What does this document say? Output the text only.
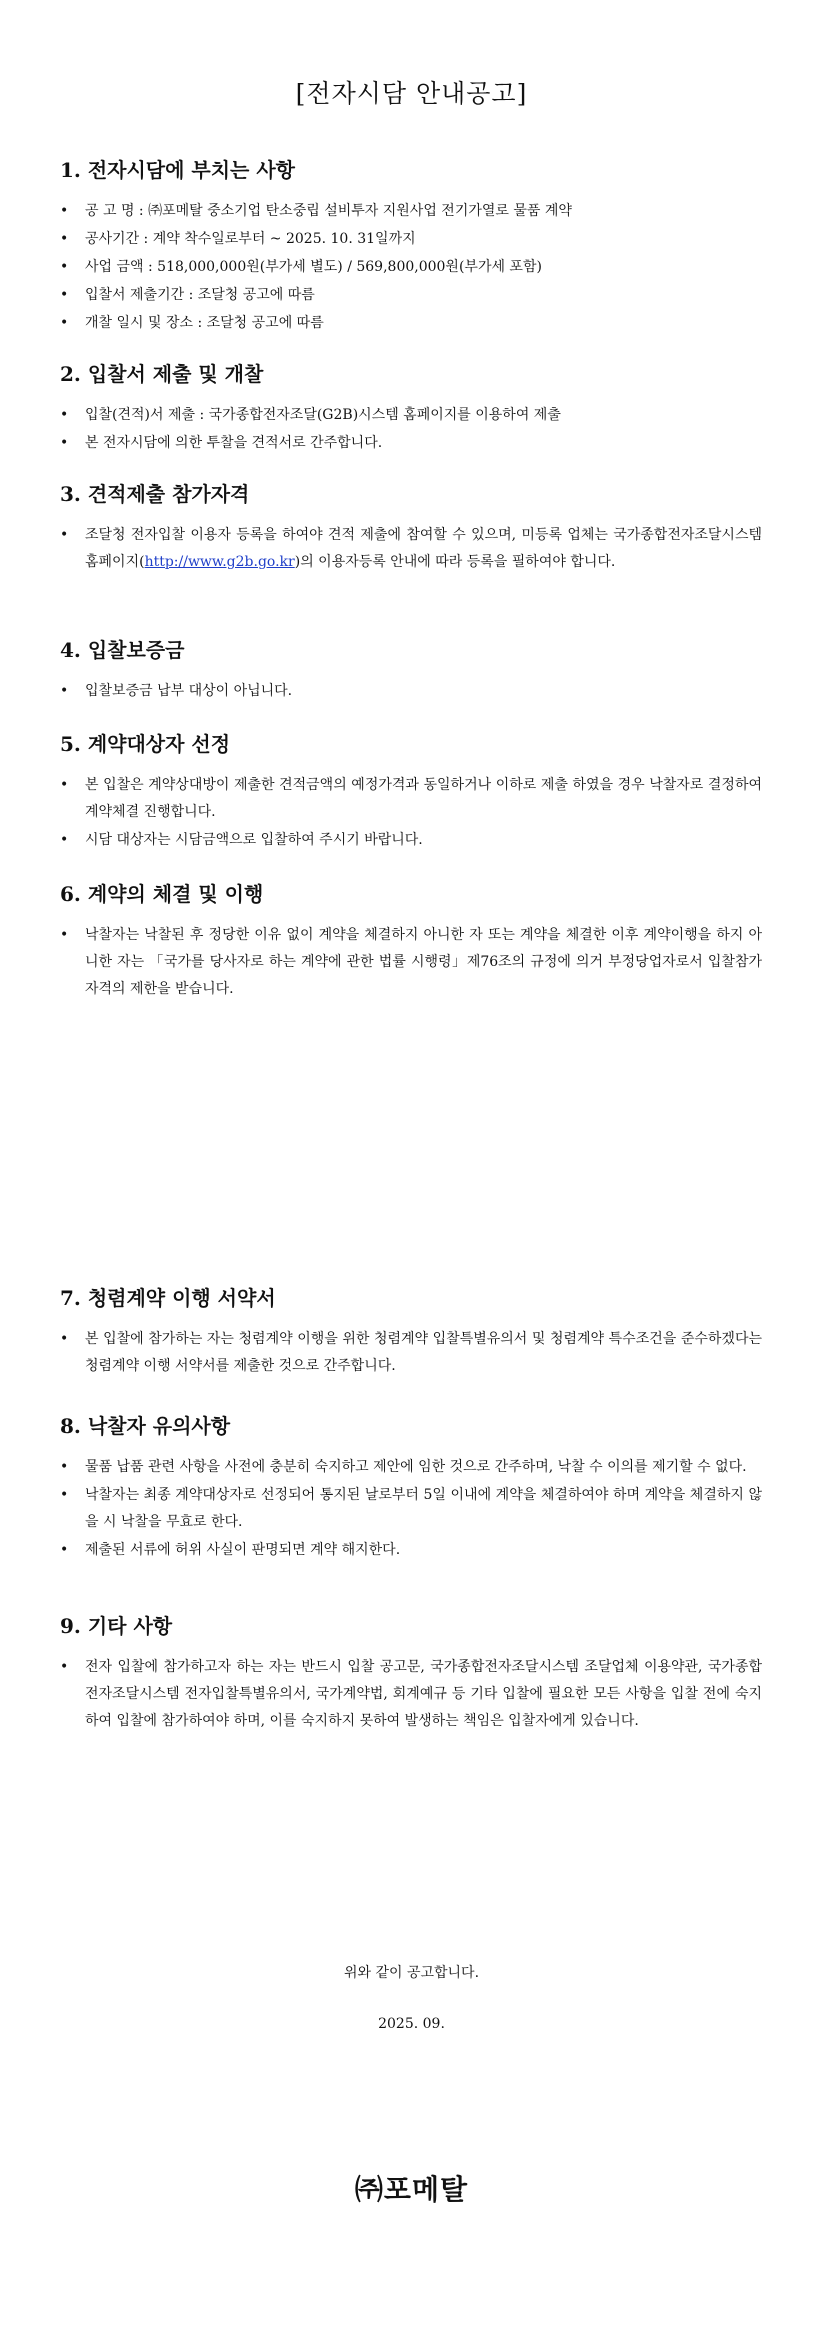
[전자시담 안내공고]
1. 전자시담에 부치는 사항
• 공 고 명 : ㈜포메탈 중소기업 탄소중립 설비투자 지원사업 전기가열로 물품 계약
• 공사기간 : 계약 착수일로부터 ~ 2025. 10. 31일까지
• 사업 금액 : 518,000,000원(부가세 별도) / 569,800,000원(부가세 포함)
• 입찰서 제출기간 : 조달청 공고에 따름
• 개찰 일시 및 장소 : 조달청 공고에 따름
2. 입찰서 제출 및 개찰
• 입찰(견적)서 제출 : 국가종합전자조달(G2B)시스템 홈페이지를 이용하여 제출
• 본 전자시담에 의한 투찰을 견적서로 간주합니다.
3. 견적제출 참가자격
• 조달청 전자입찰 이용자 등록을 하여야 견적 제출에 참여할 수 있으며, 미등록 업체는 국가종합전자조달시스템 홈페이지(http://www.g2b.go.kr)의 이용자등록 안내에 따라 등록을 필하여야 합니다.
4. 입찰보증금
• 입찰보증금 납부 대상이 아닙니다.
5. 계약대상자 선정
• 본 입찰은 계약상대방이 제출한 견적금액의 예정가격과 동일하거나 이하로 제출 하였을 경우 낙찰자로 결정하여 계약체결 진행합니다.
• 시담 대상자는 시담금액으로 입찰하여 주시기 바랍니다.
6. 계약의 체결 및 이행
• 낙찰자는 낙찰된 후 정당한 이유 없이 계약을 체결하지 아니한 자 또는 계약을 체결한 이후 계약이행을 하지 아니한 자는 「국가를 당사자로 하는 계약에 관한 법률 시행령」제76조의 규정에 의거 부정당업자로서 입찰참가 자격의 제한을 받습니다.
7. 청렴계약 이행 서약서
• 본 입찰에 참가하는 자는 청렴계약 이행을 위한 청렴계약 입찰특별유의서 및 청렴계약 특수조건을 준수하겠다는 청렴계약 이행 서약서를 제출한 것으로 간주합니다.
8. 낙찰자 유의사항
• 물품 납품 관련 사항을 사전에 충분히 숙지하고 제안에 임한 것으로 간주하며, 낙찰 수 이의를 제기할 수 없다.
• 낙찰자는 최종 계약대상자로 선정되어 통지된 날로부터 5일 이내에 계약을 체결하여야 하며 계약을 체결하지 않을 시 낙찰을 무효로 한다.
• 제출된 서류에 허위 사실이 판명되면 계약 해지한다.
9. 기타 사항
• 전자 입찰에 참가하고자 하는 자는 반드시 입찰 공고문, 국가종합전자조달시스템 조달업체 이용약관, 국가종합전자조달시스템 전자입찰특별유의서, 국가계약법, 회계예규 등 기타 입찰에 필요한 모든 사항을 입찰 전에 숙지하여 입찰에 참가하여야 하며, 이를 숙지하지 못하여 발생하는 책임은 입찰자에게 있습니다.
위와 같이 공고합니다.
2025. 09.
㈜포메탈
